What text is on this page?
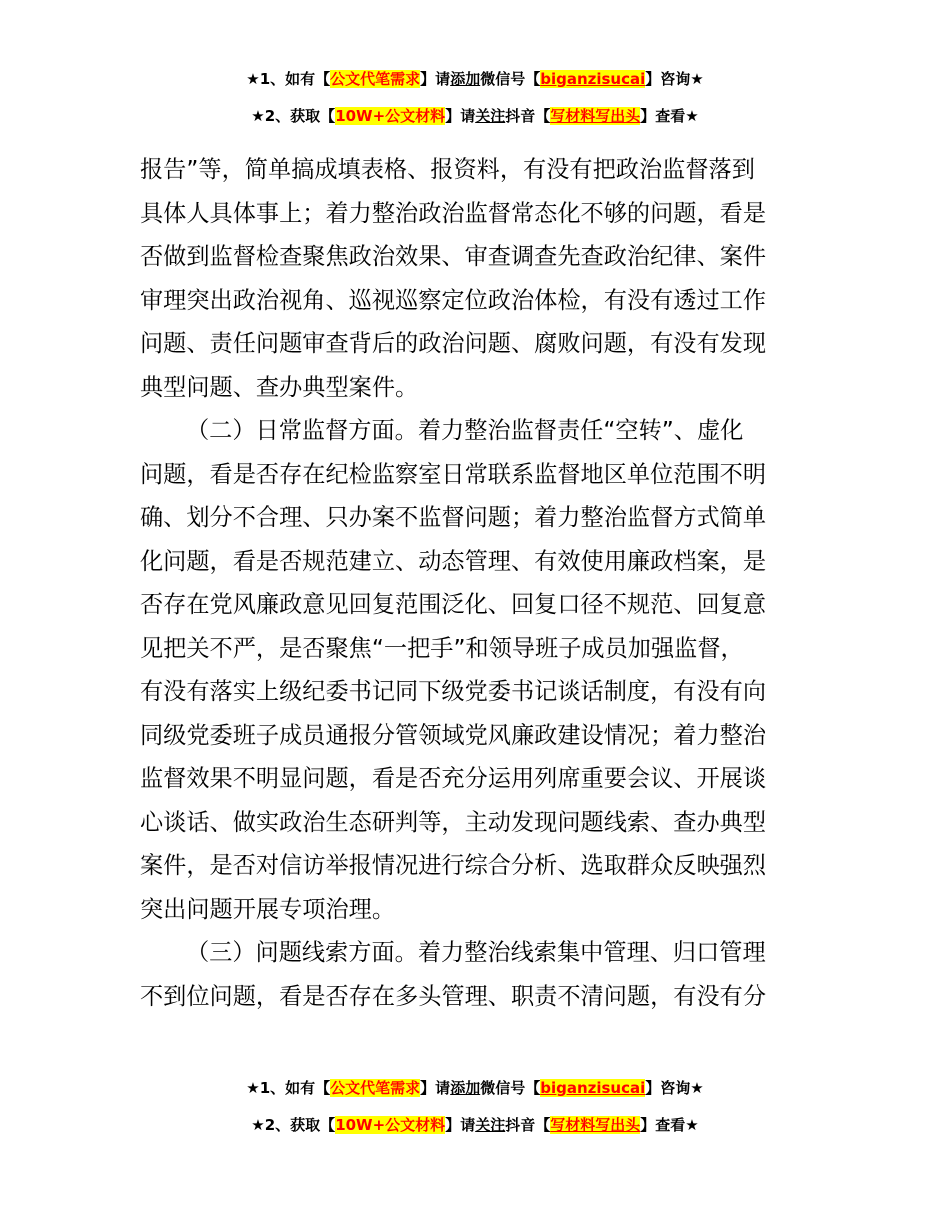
★1、如有【公文代笔需求】请添加微信号【biganzisucai】咨询★
★2、获取【10W+公文材料】请关注抖音【写材料写出头】查看★
报告”等，简单搞成填表格、报资料，有没有把政治监督落到
具体人具体事上；着力整治政治监督常态化不够的问题，看是
否做到监督检查聚焦政治效果、审查调查先查政治纪律、案件
审理突出政治视角、巡视巡察定位政治体检，有没有透过工作
问题、责任问题审查背后的政治问题、腐败问题，有没有发现
典型问题、查办典型案件。
（二）日常监督方面。着力整治监督责任“空转”、虚化
问题，看是否存在纪检监察室日常联系监督地区单位范围不明
确、划分不合理、只办案不监督问题；着力整治监督方式简单
化问题，看是否规范建立、动态管理、有效使用廉政档案，是
否存在党风廉政意见回复范围泛化、回复口径不规范、回复意
见把关不严，是否聚焦“一把手”和领导班子成员加强监督，
有没有落实上级纪委书记同下级党委书记谈话制度，有没有向
同级党委班子成员通报分管领域党风廉政建设情况；着力整治
监督效果不明显问题，看是否充分运用列席重要会议、开展谈
心谈话、做实政治生态研判等，主动发现问题线索、查办典型
案件，是否对信访举报情况进行综合分析、选取群众反映强烈
突出问题开展专项治理。
（三）问题线索方面。着力整治线索集中管理、归口管理
不到位问题，看是否存在多头管理、职责不清问题，有没有分
★1、如有【公文代笔需求】请添加微信号【biganzisucai】咨询★
★2、获取【10W+公文材料】请关注抖音【写材料写出头】查看★
